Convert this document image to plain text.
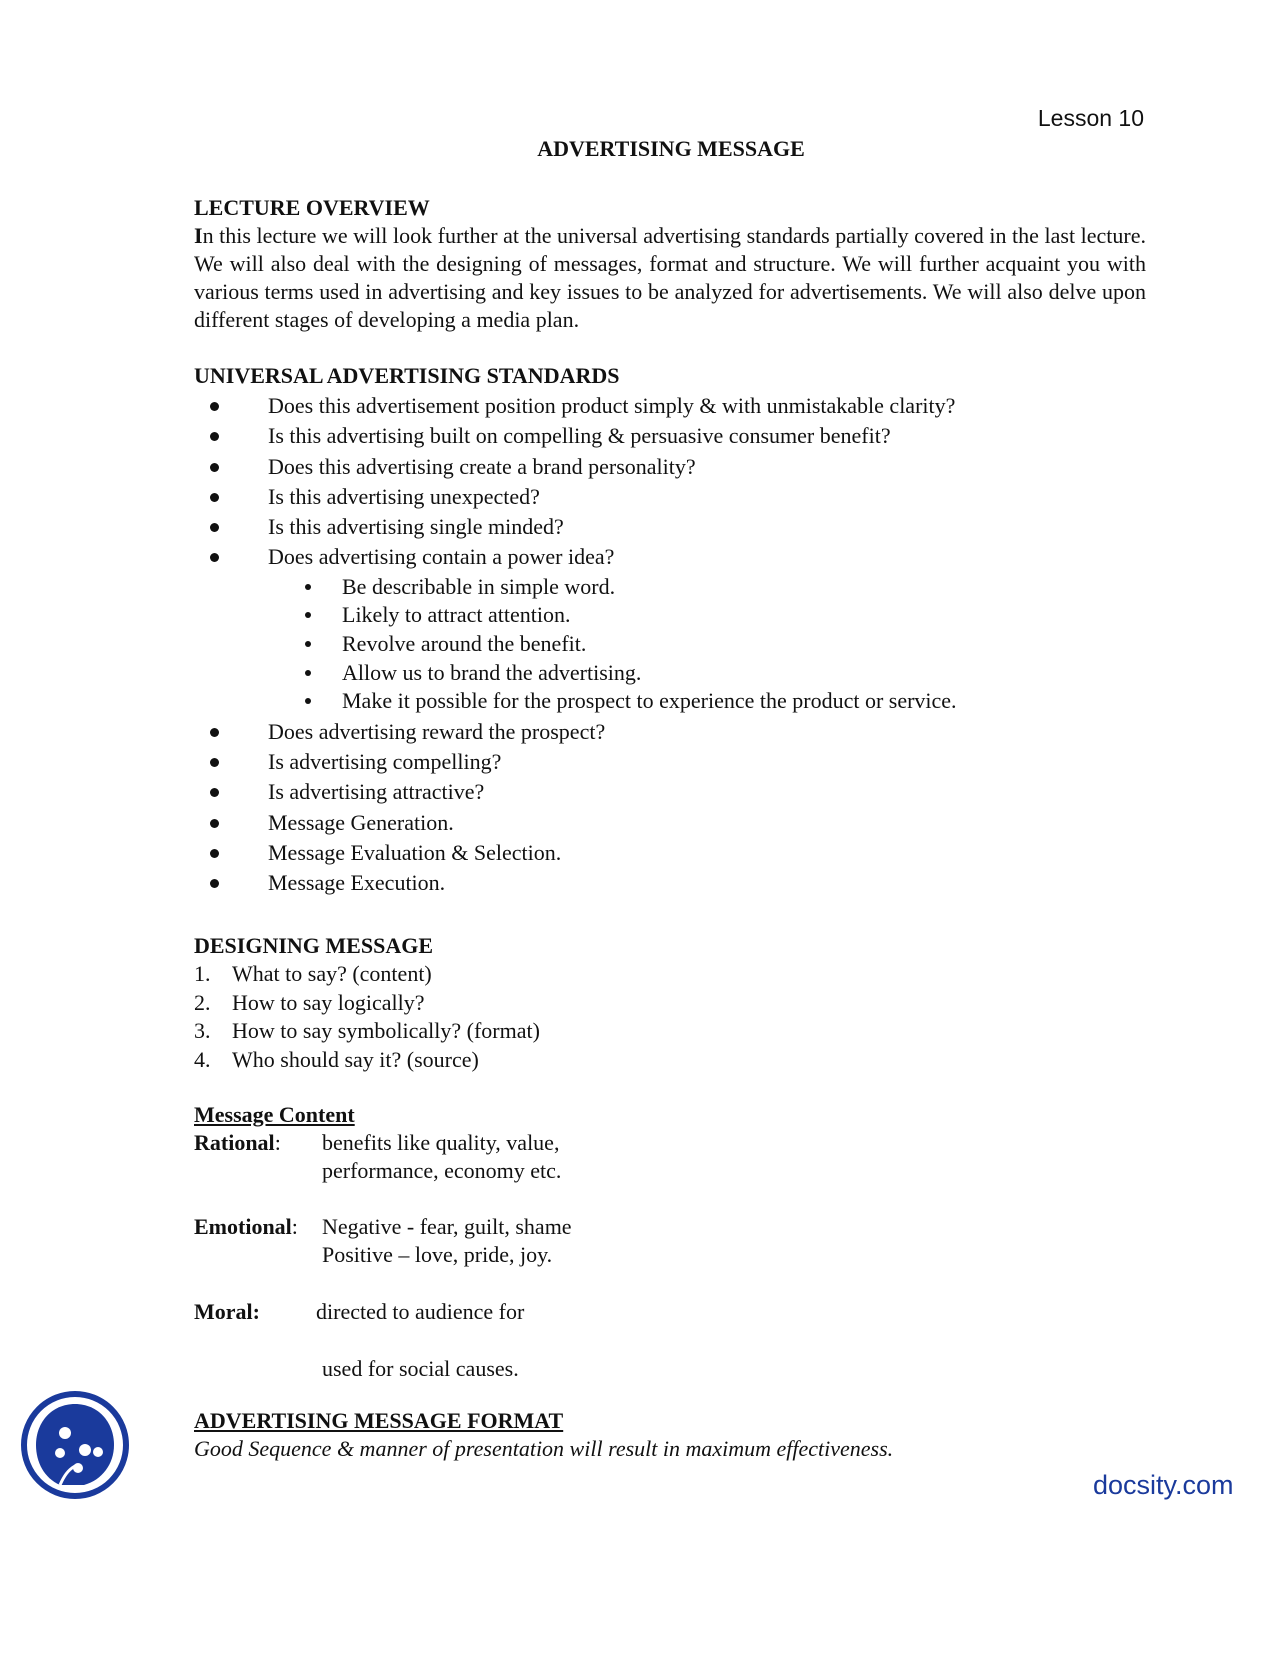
Lesson 10
ADVERTISING MESSAGE
LECTURE OVERVIEW
In this lecture we will look further at the universal advertising standards partially covered in the last lecture. We will also deal with the designing of messages, format and structure. We will further acquaint you with various terms used in advertising and key issues to be analyzed for advertisements. We will also delve upon different stages of developing a media plan.
UNIVERSAL ADVERTISING STANDARDS
Does this advertisement position product simply & with unmistakable clarity?
Is this advertising built on compelling & persuasive consumer benefit?
Does this advertising create a brand personality?
Is this advertising unexpected?
Is this advertising single minded?
Does advertising contain a power idea?
Be describable in simple word.
Likely to attract attention.
Revolve around the benefit.
Allow us to brand the advertising.
Make it possible for the prospect to experience the product or service.
Does advertising reward the prospect?
Is advertising compelling?
Is advertising attractive?
Message Generation.
Message Evaluation & Selection.
Message Execution.
DESIGNING MESSAGE
1. What to say? (content)
2. How to say logically?
3. How to say symbolically? (format)
4. Who should say it? (source)
Message Content
Rational: benefits like quality, value,
performance, economy etc.
Emotional: Negative - fear, guilt, shame
Positive – love, pride, joy.
Moral:	directed to audience for
used for social causes.
ADVERTISING MESSAGE FORMAT
Good Sequence & manner of presentation will result in maximum effectiveness.
docsity.com
